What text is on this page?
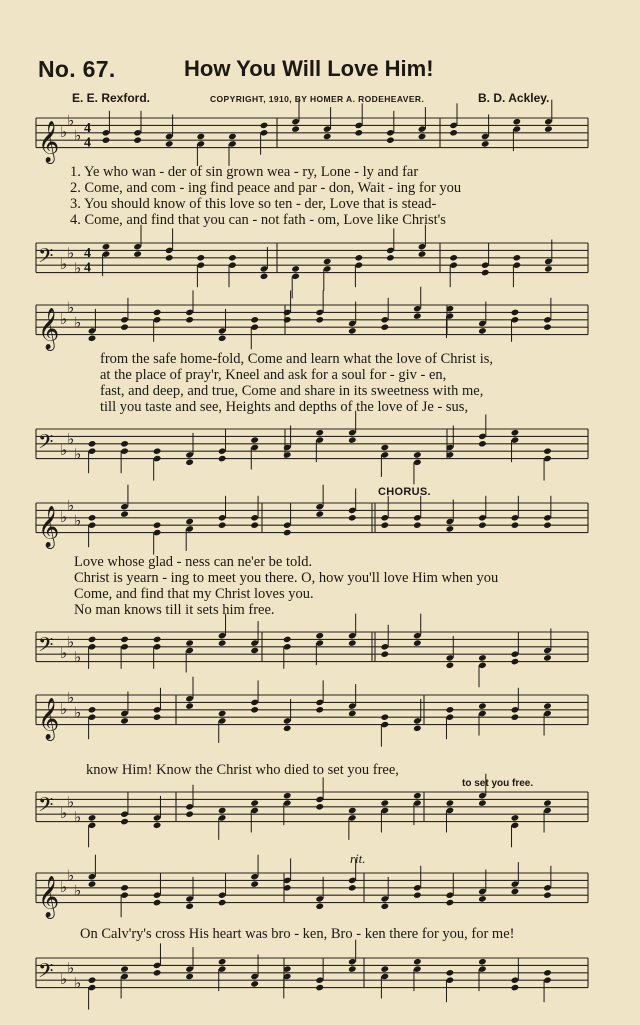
𝄞 ♭
♭
♭ 4
4
𝄢 ♭
♭
♭
4
4
𝄞 ♭
♭
♭
𝄢 ♭
♭
♭
𝄞 ♭
♭
♭
𝄢 ♭
♭
♭
𝄞 ♭
♭
♭
𝄢 ♭
♭
♭
𝄞 ♭
♭
♭
𝄢 ♭
♭
♭
No. 67.	How You Will Love Him!
E. E. Rexford.	COPYRIGHT, 1910, BY HOMER A. RODEHEAVER.	B. D. Ackley.
1. Ye who wan - der of sin grown wea - ry, Lone - ly and far
2. Come, and com - ing find peace and par - don, Wait - ing for you
3. You should know of this love so ten - der, Love that is stead-
4. Come, and find that you can - not fath - om, Love like Christ's
from the safe home-fold, Come and learn what the love of Christ is,
at the place of pray'r, Kneel and ask for a soul for - giv - en,
fast, and deep, and true, Come and share in its sweetness with me,
till you taste and see, Heights and depths of the love of Je - sus,
CHORUS.
Love whose glad - ness can ne'er be told.
Christ is yearn - ing to meet you there. O, how you'll love Him when you
Come, and find that my Christ loves you.
No man knows till it sets him free.
know Him! Know the Christ who died to set you free,
to set you free.
rit.
On Calv'ry's cross His heart was bro - ken, Bro - ken there for you, for me!
